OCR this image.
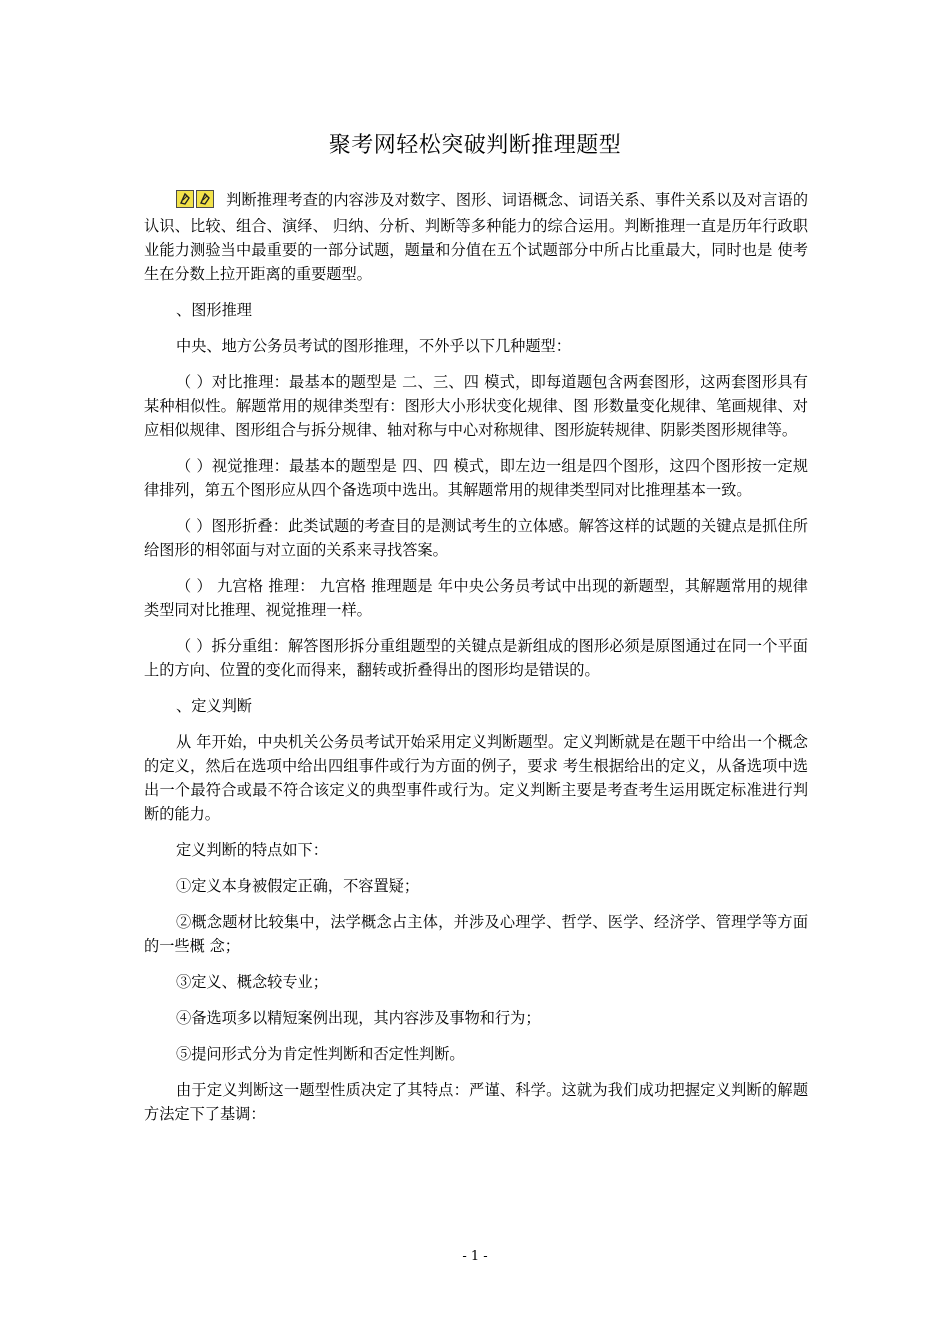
聚考网轻松突破判断推理题型

判断推理考查的内容涉及对数字、图形、词语概念、词语关系、事件关系以及对言语的认识、比较、组合、演绎、 归纳、分析、判断等多种能力的综合运用。判断推理一直是历年行政职业能力测验当中最重要的一部分试题，题量和分值在五个试题部分中所占比重最大，同时也是 使考生在分数上拉开距离的重要题型。

、图形推理

中央、地方公务员考试的图形推理，不外乎以下几种题型：

（ ）对比推理：最基本的题型是 二、三、四 模式，即每道题包含两套图形，这两套图形具有某种相似性。解题常用的规律类型有：图形大小形状变化规律、图 形数量变化规律、笔画规律、对应相似规律、图形组合与拆分规律、轴对称与中心对称规律、图形旋转规律、阴影类图形规律等。

（ ）视觉推理：最基本的题型是 四、四 模式，即左边一组是四个图形，这四个图形按一定规律排列，第五个图形应从四个备选项中选出。其解题常用的规律类型同对比推理基本一致。

（ ）图形折叠：此类试题的考查目的是测试考生的立体感。解答这样的试题的关键点是抓住所给图形的相邻面与对立面的关系来寻找答案。

（ ） 九宫格 推理： 九宫格 推理题是 年中央公务员考试中出现的新题型，其解题常用的规律类型同对比推理、视觉推理一样。

（ ）拆分重组：解答图形拆分重组题型的关键点是新组成的图形必须是原图通过在同一个平面上的方向、位置的变化而得来，翻转或折叠得出的图形均是错误的。

、定义判断

从 年开始，中央机关公务员考试开始采用定义判断题型。定义判断就是在题干中给出一个概念的定义，然后在选项中给出四组事件或行为方面的例子，要求 考生根据给出的定义，从备选项中选出一个最符合或最不符合该定义的典型事件或行为。定义判断主要是考查考生运用既定标准进行判断的能力。

定义判断的特点如下：

①定义本身被假定正确，不容置疑；

②概念题材比较集中，法学概念占主体，并涉及心理学、哲学、医学、经济学、管理学等方面的一些概 念；

③定义、概念较专业；

④备选项多以精短案例出现，其内容涉及事物和行为；

⑤提问形式分为肯定性判断和否定性判断。

由于定义判断这一题型性质决定了其特点：严谨、科学。这就为我们成功把握定义判断的解题方法定下了基调：

- 1 -
